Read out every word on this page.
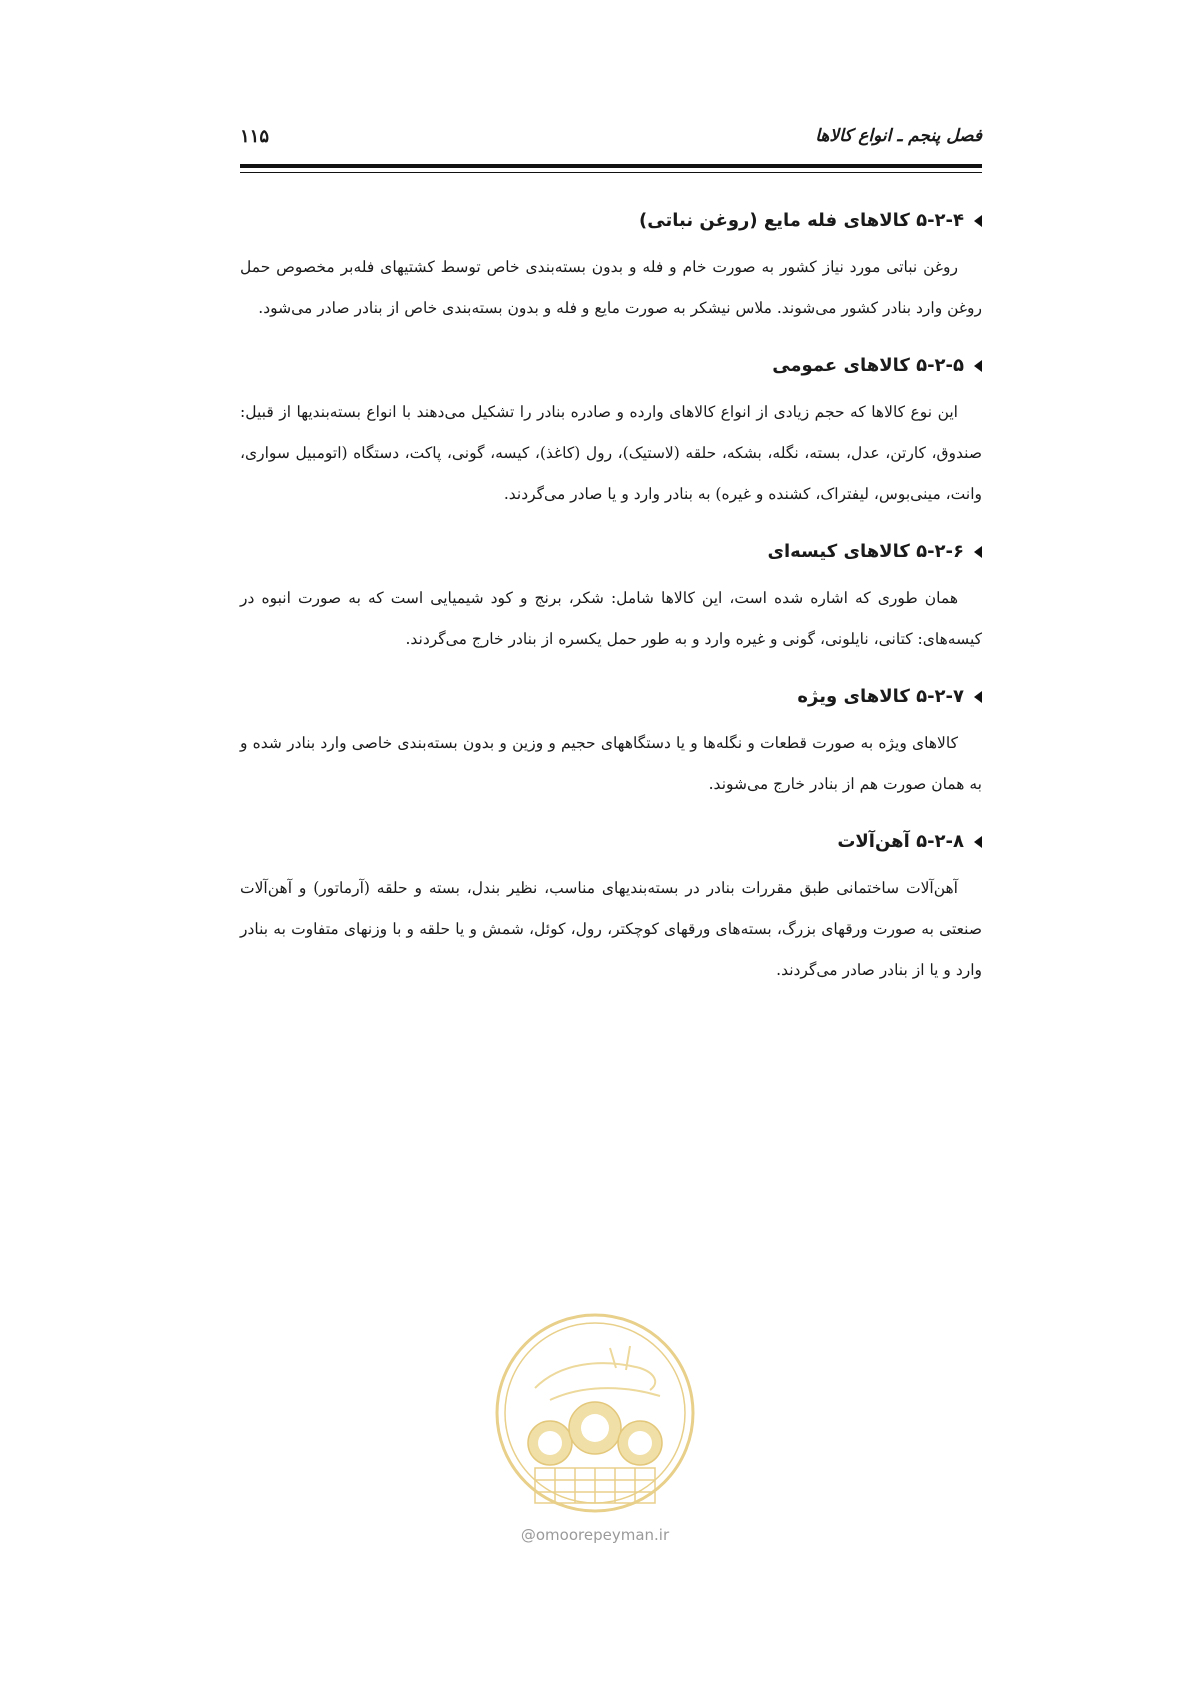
فصل پنجم ـ انواع کالاها
۱۱۵
۵-۲-۴ کالاهای فله مایع (روغن نباتی)
روغن نباتی مورد نیاز کشور به صورت خام و فله و بدون بسته‌بندی خاص توسط کشتیهای فله‌بر مخصوص حمل روغن وارد بنادر کشور می‌شوند. ملاس نیشکر به صورت مایع و فله و بدون بسته‌بندی خاص از بنادر صادر می‌شود.
۵-۲-۵ کالاهای عمومی
این نوع کالاها که حجم زیادی از انواع کالاهای وارده و صادره بنادر را تشکیل می‌دهند با انواع بسته‌بندیها از قبیل: صندوق، کارتن، عدل، بسته، نگله، بشکه، حلقه (لاستیک)، رول (کاغذ)، کیسه، گونی، پاکت، دستگاه (اتومبیل سواری، وانت، مینی‌بوس، لیفتراک، کشنده و غیره) به بنادر وارد و یا صادر می‌گردند.
۵-۲-۶ کالاهای کیسه‌ای
همان طوری که اشاره شده است، این کالاها شامل: شکر، برنج و کود شیمیایی است که به صورت انبوه در کیسه‌های: کتانی، نایلونی، گونی و غیره وارد و به طور حمل یکسره از بنادر خارج می‌گردند.
۵-۲-۷ کالاهای ویژه
کالاهای ویژه به صورت قطعات و نگله‌ها و یا دستگاههای حجیم و وزین و بدون بسته‌بندی خاصی وارد بنادر شده و به همان صورت هم از بنادر خارج می‌شوند.
۵-۲-۸ آهن‌آلات
آهن‌آلات ساختمانی طبق مقررات بنادر در بسته‌بندیهای مناسب، نظیر بندل، بسته و حلقه (آرماتور) و آهن‌آلات صنعتی به صورت ورقهای بزرگ، بسته‌های ورقهای کوچکتر، رول، کوئل، شمش و یا حلقه و با وزنهای متفاوت به بنادر وارد و یا از بنادر صادر می‌گردند.
@omoorepeyman.ir
